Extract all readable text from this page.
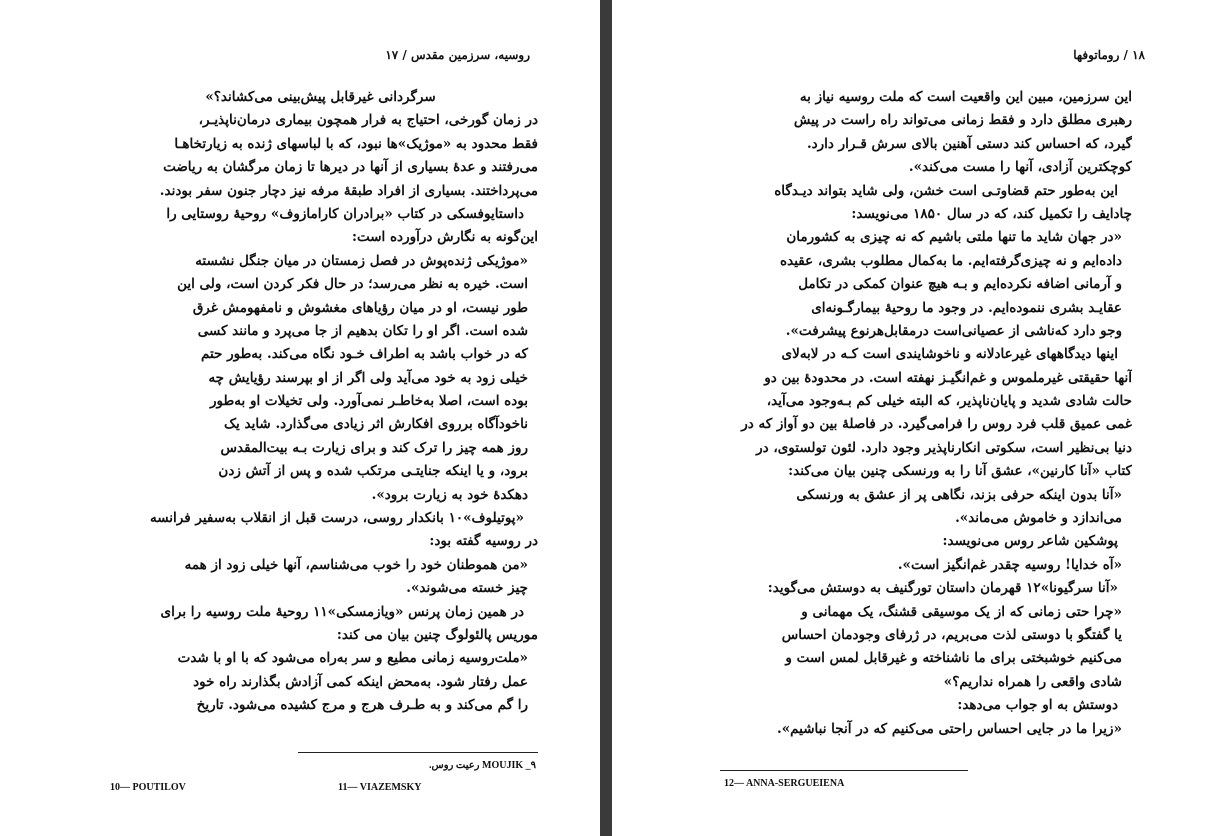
روسیه، سرزمین مقدس / ۱۷
سرگردانی غیرقابل پیش‌بینی می‌کشاند؟»
در زمان گورخی، احتیاج به فرار همچون بیماری درمان‌ناپذیـر،
فقط محدود به «موژیک»ها نبود، که با لباسهای ژنده به زیارتخاهـا
می‌رفتند و عدهٔ بسیاری از آنها در دیرها تا زمان مرگشان به ریاضت
می‌پرداختند. بسیاری از افراد طبقهٔ مرفه نیز دچار جنون سفر بودند.
داستایوفسکی در کتاب «برادران کارامازوف» روحیهٔ روستایی را
این‌گونه به نگارش درآورده است:
«موژیکی ژنده‌پوش در فصل زمستان در میان جنگل نشسته
است. خیره به نظر می‌رسد؛ در حال فکر کردن است، ولی این
طور نیست، او در میان رؤیاهای مغشوش و نامفهومش غرق
شده است. اگر او را تکان بدهیم از جا می‌پرد و مانند کسی
که در خواب باشد به اطراف خـود نگاه می‌کند. به‌طور حتم
خیلی زود به خود می‌آید ولی اگر از او بپرسند رؤیایش چه
بوده است، اصلا به‌خاطـر نمی‌آورد. ولی تخیلات او به‌طور
ناخودآگاه برروی افکارش اثر زیادی می‌گذارد. شاید یک
روز همه چیز را ترک کند و برای زیارت بـه بیت‌المقدس
برود، و یا اینکه جنایتـی مرتکب شده و پس از آتش زدن
دهکدهٔ خود به زیارت برود».
«پوتیلوف»۱۰ بانکدار روسی، درست قبل از انقلاب به‌سفیر فرانسه
در روسیه گفته بود:
«من هموطنان خود را خوب می‌شناسم، آنها خیلی زود از همه
چیز خسته می‌شوند».
در همین زمان پرنس «ویازمسکی»۱۱ روحیهٔ ملت روسیه را برای
موریس پالئولوگ چنین بیان می کند:
«ملت‌روسیه زمانی مطیع و سر به‌راه می‌شود که با او با شدت
عمل رفتار شود. به‌محض اینکه کمی آزادش بگذارند راه خود
را گم می‌کند و به طـرف هرج و مرج کشیده می‌شود. تاریخ
۹_ MOUJIK رعیت روس.
10— POUTILOV	11— VIAZEMSKY
۱۸ / روماتوفها
این سرزمین، مبین این واقعیت است که ملت روسیه نیاز به
رهبری مطلق دارد و فقط زمانی می‌تواند راه راست در پیش
گیرد، که احساس کند دستی آهنین بالای سرش قـرار دارد.
کوچکترین آزادی، آنها را مست می‌کند».
این به‌طور حتم قضاوتـی است خشن، ولی شاید بتواند دیـدگاه
چادایف را تکمیل کند، که در سال ۱۸۵۰ می‌نویسد:
«در جهان شاید ما تنها ملتی باشیم که نه چیزی به کشورمان
داده‌ایم و نه چیزی‌گرفته‌ایم. ما به‌کمال مطلوب بشری، عقیده
و آرمانی اضافه نکرده‌ایم و بـه هیچ عنوان کمکی در تکامل
عقایـد بشری ننموده‌ایم. در وجود ما روحیهٔ بیمارگـونه‌ای
وجو دارد که‌ناشی از عصیانی‌است درمقابل‌هرنوع پیشرفت».
اینها دیدگاههای غیرعادلانه و ناخوشایندی است کـه در لابه‌لای
آنها حقیقتی غیرملموس و غم‌انگیـز نهفته است. در محدودهٔ بین دو
حالت شادی شدید و پایان‌ناپذیر، که البته خیلی کم بـه‌وجود می‌آید،
غمی عمیق قلب فرد روس را فرامی‌گیرد. در فاصلهٔ بین دو آواز که در
دنیا بی‌نظیر است، سکوتی انکارناپذیر وجود دارد. لئون تولستوی، در
کتاب «آنا کارنین»، عشق آنا را به ورنسکی چنین بیان می‌کند:
«آنا بدون اینکه حرفی بزند، نگاهی پر از عشق به ورنسکی
می‌اندازد و خاموش می‌ماند».
پوشکین شاعر روس می‌نویسد:
«آه خدایا! روسیه چقدر غم‌انگیز است».
«آنا سرگیونا»۱۲ قهرمان داستان تورگنیف به دوستش می‌گوید:
«چرا حتی زمانی که از یک موسیقی قشنگ، یک مهمانی و
یا گفتگو با دوستی لذت می‌بریم، در ژرفای وجودمان احساس
می‌کنیم خوشبختی برای ما ناشناخته و غیرقابل لمس است و
شادی واقعی را همراه نداریم؟»
دوستش به او جواب می‌دهد:
«زیرا ما در جایی احساس راحتی می‌کنیم که در آنجا نباشیم».
12— ANNA-SERGUEIENA
